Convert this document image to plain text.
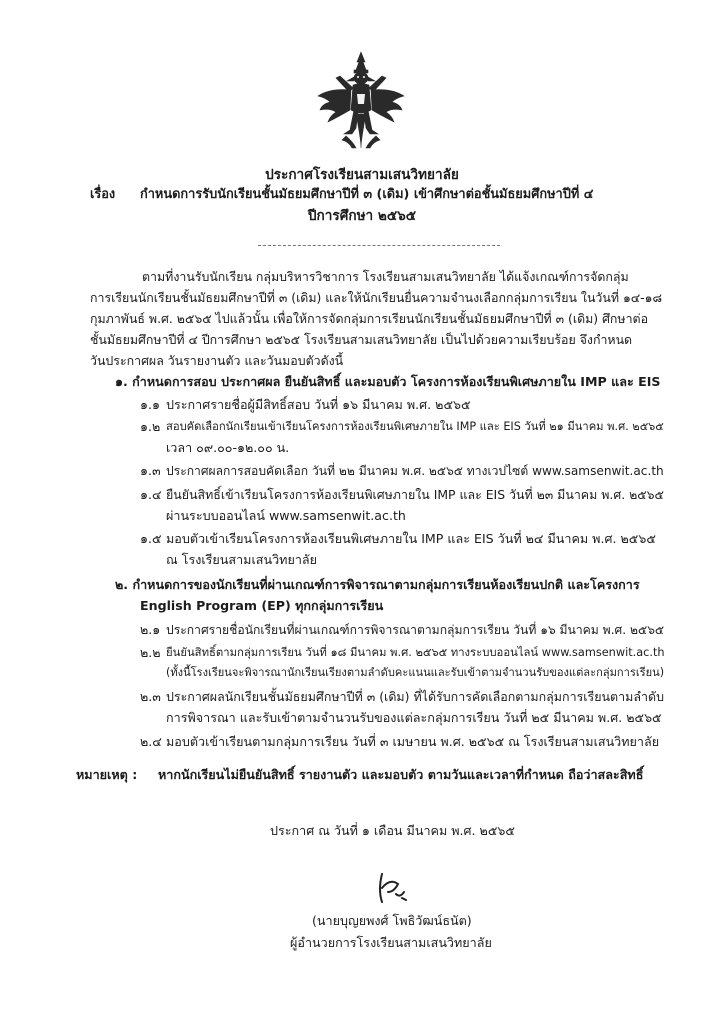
ประกาศโรงเรียนสามเสนวิทยาลัย
เรื่อง กำหนดการรับนักเรียนชั้นมัธยมศึกษาปีที่ ๓ (เดิม) เข้าศึกษาต่อชั้นมัธยมศึกษาปีที่ ๔
ปีการศึกษา ๒๕๖๕
ตามที่งานรับนักเรียน กลุ่มบริหารวิชาการ โรงเรียนสามเสนวิทยาลัย ได้แจ้งเกณฑ์การจัดกลุ่ม
การเรียนนักเรียนชั้นมัธยมศึกษาปีที่ ๓ (เดิม) และให้นักเรียนยื่นความจำนงเลือกกลุ่มการเรียน ในวันที่ ๑๔-๑๘
กุมภาพันธ์ พ.ศ. ๒๕๖๕ ไปแล้วนั้น เพื่อให้การจัดกลุ่มการเรียนนักเรียนชั้นมัธยมศึกษาปีที่ ๓ (เดิม) ศึกษาต่อ
ชั้นมัธยมศึกษาปีที่ ๔ ปีการศึกษา ๒๕๖๕ โรงเรียนสามเสนวิทยาลัย เป็นไปด้วยความเรียบร้อย จึงกำหนด
วันประกาศผล วันรายงานตัว และวันมอบตัวดังนี้
๑. กำหนดการสอบ ประกาศผล ยืนยันสิทธิ์ และมอบตัว โครงการห้องเรียนพิเศษภายใน IMP และ EIS
๑.๑ ประกาศรายชื่อผู้มีสิทธิ์สอบ วันที่ ๑๖ มีนาคม พ.ศ. ๒๕๖๕
๑.๒ สอบคัดเลือกนักเรียนเข้าเรียนโครงการห้องเรียนพิเศษภายใน IMP และ EIS วันที่ ๒๑ มีนาคม พ.ศ. ๒๕๖๕
เวลา ๐๙.๐๐-๑๒.๐๐ น.
๑.๓ ประกาศผลการสอบคัดเลือก วันที่ ๒๒ มีนาคม พ.ศ. ๒๕๖๕ ทางเวปไซต์ www.samsenwit.ac.th
๑.๔ ยืนยันสิทธิ์เข้าเรียนโครงการห้องเรียนพิเศษภายใน IMP และ EIS วันที่ ๒๓ มีนาคม พ.ศ. ๒๕๖๕
ผ่านระบบออนไลน์ www.samsenwit.ac.th
๑.๕ มอบตัวเข้าเรียนโครงการห้องเรียนพิเศษภายใน IMP และ EIS วันที่ ๒๔ มีนาคม พ.ศ. ๒๕๖๕
ณ โรงเรียนสามเสนวิทยาลัย
๒. กำหนดการของนักเรียนที่ผ่านเกณฑ์การพิจารณาตามกลุ่มการเรียนห้องเรียนปกติ และโครงการ
English Program (EP) ทุกกลุ่มการเรียน
๒.๑ ประกาศรายชื่อนักเรียนที่ผ่านเกณฑ์การพิจารณาตามกลุ่มการเรียน วันที่ ๑๖ มีนาคม พ.ศ. ๒๕๖๕
๒.๒ ยืนยันสิทธิ์ตามกลุ่มการเรียน วันที่ ๑๘ มีนาคม พ.ศ. ๒๕๖๕ ทางระบบออนไลน์ www.samsenwit.ac.th
(ทั้งนี้โรงเรียนจะพิจารณานักเรียนเรียงตามลำดับคะแนนและรับเข้าตามจำนวนรับของแต่ละกลุ่มการเรียน)
๒.๓ ประกาศผลนักเรียนชั้นมัธยมศึกษาปีที่ ๓ (เดิม) ที่ได้รับการคัดเลือกตามกลุ่มการเรียนตามลำดับ
การพิจารณา และรับเข้าตามจำนวนรับของแต่ละกลุ่มการเรียน วันที่ ๒๕ มีนาคม พ.ศ. ๒๕๖๕
๒.๔ มอบตัวเข้าเรียนตามกลุ่มการเรียน วันที่ ๓ เมษายน พ.ศ. ๒๕๖๕ ณ โรงเรียนสามเสนวิทยาลัย
หมายเหตุ : หากนักเรียนไม่ยืนยันสิทธิ์ รายงานตัว และมอบตัว ตามวันและเวลาที่กำหนด ถือว่าสละสิทธิ์
ประกาศ ณ วันที่ ๑ เดือน มีนาคม พ.ศ. ๒๕๖๕
(นายบุญยพงศ์ โพธิวัฒน์ธนัต)
ผู้อำนวยการโรงเรียนสามเสนวิทยาลัย
